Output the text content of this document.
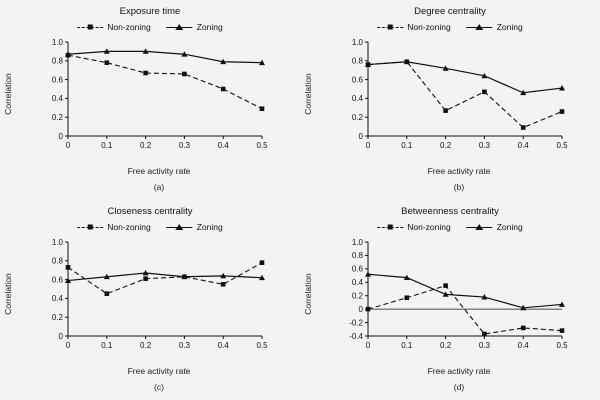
Exposure time
Non-zoning	Zoning
Correlation
0
0.2
0.4
0.6
0.8
1.0
0	0.1	0.2	0.3	0.4	0.5
Free activity rate
(a)
Degree centrality
Non-zoning	Zoning
Correlation
0
0.2
0.4
0.6
0.8
1.0
0	0.1	0.2	0.3	0.4	0.5
Free activity rate
(b)
Closeness centrality
Non-zoning	Zoning
Correlation
0
0.2
0.4
0.6
0.8
1.0
0	0.1	0.2	0.3	0.4	0.5
Free activity rate
(c)
Betweenness centrality
Non-zoning	Zoning
Correlation
-0.4
-0.2
0
0.2
0.4
0.6
0.8
1.0
0	0.1	0.2	0.3	0.4	0.5
Free activity rate
(d)
